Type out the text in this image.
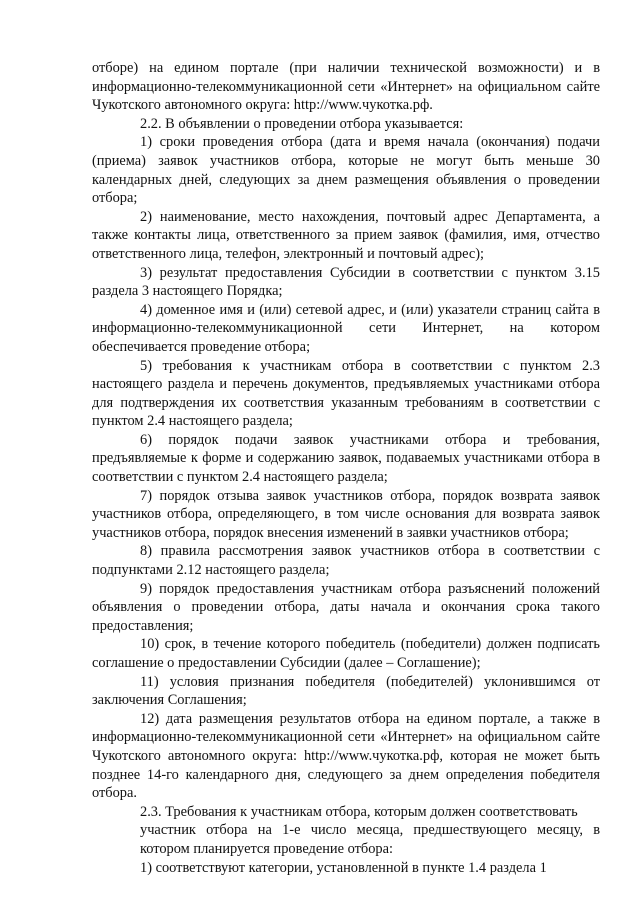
отборе) на едином портале (при наличии технической возможности) и в информационно-телекоммуникационной сети «Интернет» на официальном сайте Чукотского автономного округа: http://www.чукотка.рф.

2.2. В объявлении о проведении отбора указывается:

1) сроки проведения отбора (дата и время начала (окончания) подачи (приема) заявок участников отбора, которые не могут быть меньше 30 календарных дней, следующих за днем размещения объявления о проведении отбора;

2) наименование, место нахождения, почтовый адрес Департамента, а также контакты лица, ответственного за прием заявок (фамилия, имя, отчество ответственного лица, телефон, электронный и почтовый адрес);

3) результат предоставления Субсидии в соответствии с пунктом 3.15 раздела 3 настоящего Порядка;

4) доменное имя и (или) сетевой адрес, и (или) указатели страниц сайта в информационно-телекоммуникационной сети Интернет, на котором обеспечивается проведение отбора;

5) требования к участникам отбора в соответствии с пунктом 2.3 настоящего раздела и перечень документов, предъявляемых участниками отбора для подтверждения их соответствия указанным требованиям в соответствии с пунктом 2.4 настоящего раздела;

6) порядок подачи заявок участниками отбора и требования, предъявляемые к форме и содержанию заявок, подаваемых участниками отбора в соответствии с пунктом 2.4 настоящего раздела;

7) порядок отзыва заявок участников отбора, порядок возврата заявок участников отбора, определяющего, в том числе основания для возврата заявок участников отбора, порядок внесения изменений в заявки участников отбора;

8) правила рассмотрения заявок участников отбора в соответствии с подпунктами 2.12 настоящего раздела;

9) порядок предоставления участникам отбора разъяснений положений объявления о проведении отбора, даты начала и окончания срока такого предоставления;

10) срок, в течение которого победитель (победители) должен подписать соглашение о предоставлении Субсидии (далее – Соглашение);

11) условия признания победителя (победителей) уклонившимся от заключения Соглашения;

12) дата размещения результатов отбора на едином портале, а также в информационно-телекоммуникационной сети «Интернет» на официальном сайте Чукотского автономного округа: http://www.чукотка.рф, которая не может быть позднее 14-го календарного дня, следующего за днем определения победителя отбора.

2.3. Требования к участникам отбора, которым должен соответствовать

участник отбора на 1-е число месяца, предшествующего месяцу, в котором планируется проведение отбора:

1) соответствуют категории, установленной в пункте 1.4 раздела 1
